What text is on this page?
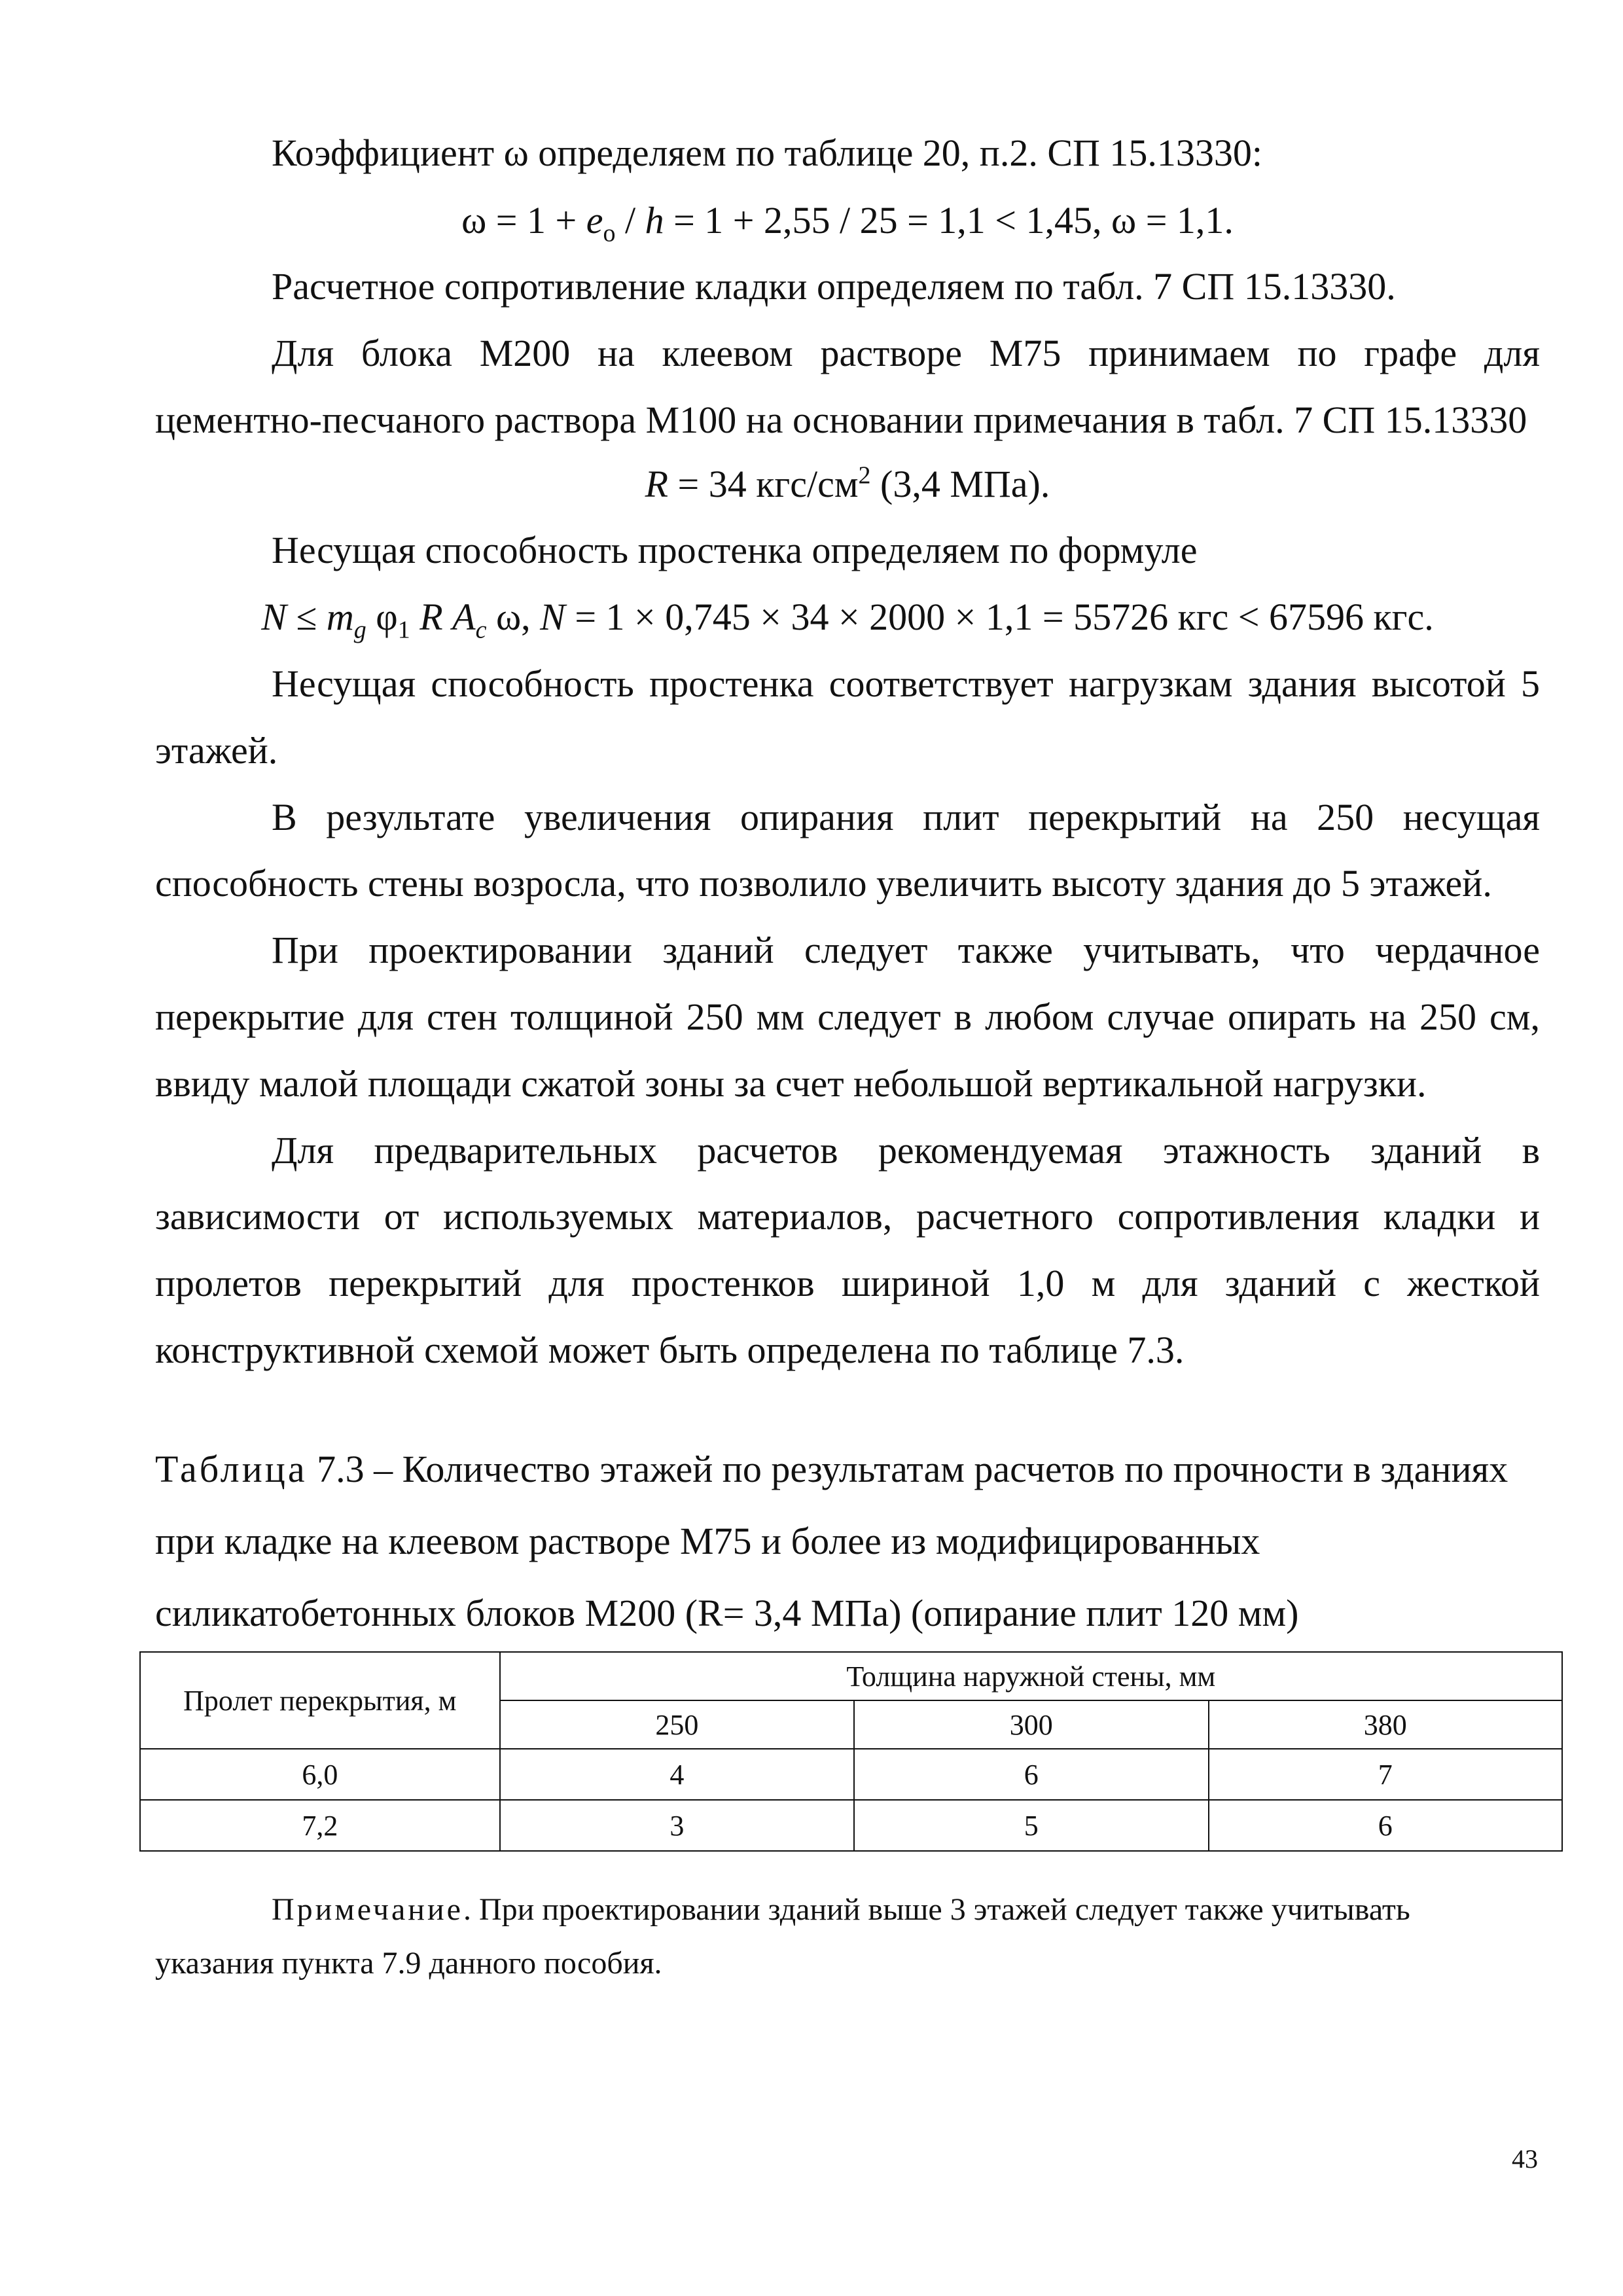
Коэффициент ω определяем по таблице 20, п.2. СП 15.13330:
$\omega = 1 + e_o / h = 1 + 2,55 / 25 = 1,1 < 1,45$, ω = 1,1.
Расчетное сопротивление кладки определяем по табл. 7 СП 15.13330.
Для блока М200 на клеевом растворе М75 принимаем по графе для
цементно-песчаного раствора М100 на основании примечания в табл. 7 СП 15.13330
R = 34 кгс/$см^2$ (3,4 МПа).
Несущая способность простенка определяем по формуле
$N \le m_g$ $\varphi_1$ R $A_c$ ω, N = 1 × 0,745 × 34 × 2000 × 1,1 = 55726 кгс < 67596 кгс.
Несущая способность простенка соответствует нагрузкам здания высотой 5
этажей.
В результате увеличения опирания плит перекрытий на 250 несущая
способность стены возросла, что позволило увеличить высоту здания до 5 этажей.
При проектировании зданий следует также учитывать, что чердачное
перекрытие для стен толщиной 250 мм следует в любом случае опирать на 250 см,
ввиду малой площади сжатой зоны за счет небольшой вертикальной нагрузки.
Для предварительных расчетов рекомендуемая этажность зданий в
зависимости от используемых материалов, расчетного сопротивления кладки и
пролетов перекрытий для простенков шириной 1,0 м для зданий с жесткой
конструктивной схемой может быть определена по таблице 7.3.
Таблица 7.3 – Количество этажей по результатам расчетов по прочности в зданиях
при кладке на клеевом растворе М75 и более из модифицированных
силикатобетонных блоков М200 (R= 3,4 МПа) (опирание плит 120 мм)
Пролет перекрытия, м	Толщина наружной стены, мм		
	250	300	380
6,0	4	6	7
7,2	3	5	6
Примечание. При проектировании зданий выше 3 этажей следует также учитывать
указания пункта 7.9 данного пособия.
43
